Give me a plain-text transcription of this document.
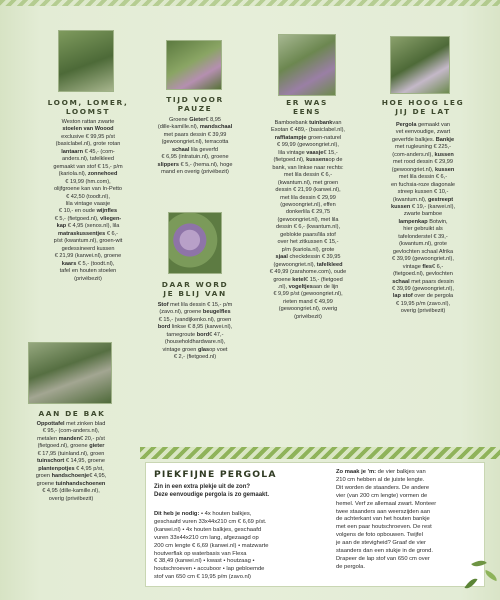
LOOM, LOMER,
LOOMST
Weston rattan zwarte
stoelen van Woood
exclusive € 99,95 p/st
(basiclabel.nl), grote rotan
lantaarn € 45,- (com-
anders.nl), tafelkleed
gemaakt van stof € 15,- p/m
(kariola.nl), zonnehoed
€ 19,99 (hm.com),
olijfgroene kan van In-Petto
€ 42,50 (toodt.nl),
lila vintage vaasje
€ 10,- en oude wijnfles
€ 5,- (fietgoed.nl), vliegen-
kap € 4,95 (xenos.nl), lila
matraskussentjes € 6,-
p/st (kwantum.nl), groen-wit
gedessineerd kussen
€ 21,99 (karwei.nl), groene
kaars € 5,- (toodt.nl),
tafel en houten stoelen
(privébezit)
TIJD VOOR
PAUZE
Groene Gieter€ 8,95
(dille-kamille.nl), mandschaal
met paars dessin € 39,99
(gewoongriet.nl), terracotta
schaal lila geverfd
€ 6,95 (intratuin.nl), groene
slippers € 5,- (hema.nl), hoge
mand en overig (privébezit)
DAAR WORD
JE BLIJ VAN
Stof met lila dessin € 15,- p/m
(zavo.nl), groene beugelfles
€ 15,- (vandijkenko.nl), groen
bord linkse € 8,95 (karwei.nl),
tarnegroute bord€ 47,-
(householdhardware.nl),
vintage groen glasop voet
€ 2,- (fietgoed.nl)
ER WAS
EENS
Bamboebank tuinbankvan
Exotan € 489,- (basiclabel.nl),
raffiatampje groen-naturel
€ 99,99 (gewoongriet.nl),
lila vintage vaasje€ 15,-
(fietgoed.nl), kussensop de
bank, van linkse naar rechts:
met lila dessin € 6,-
(kwantum.nl), met groen
dessin € 21,99 (karwei.nl),
met lila dessin € 29,99
(gewoongriet.nl), effen
donkerlila € 29,75
(gewoongriet.nl), met lila
dessin € 6,- (kwantum.nl),
geblokte paars/lila stof
over het zitkussen € 15,-
p/m (kariola.nl), grote
sjaal checkdessin € 39,95
(gewoongriet.nl), tafelkleed
€ 49,99 (zarahome.com), oude
groene ketel€ 15,- (fietgoed
.nl), vogeltjesaan de lijn
€ 9,99 p/st (gewoongriet.nl),
rieten mand € 49,99
(gewoongriet.nl), overig
(privébezit)
HOE HOOG LEG
JIJ DE LAT
Pergola gemaakt van
vet eenvoudige, zwart
geverfde balkjes. Bankje
met rugleuning € 225,-
(com-anders.nl), kussen
met rood dessin € 29,99
(gewoongriet.nl), kussen
met lila dessin € 6,-
en fuchsia-roze diagonale
streep kussen € 10,-
(kwantum.nl), gestreept
kussen € 19,- (karwei.nl),
zwarte bamboe
lampenkap Botwin,
hier gebruikt als
tafelonderstel € 39,-
(kwantum.nl), grote
gevlochten schaal Afrika
€ 39,99 (gewoongriet.nl),
vintage fles€ 6,-
(fietgoed.nl), gevlochten
schaal met paars dessin
€ 39,99 (gewoongriet.nl),
lap stof over de pergola
€ 19,95 p/m (zavo.nl),
overig (privébezit)
AAN DE BAK
Oppottafel met zinken blad
€ 95,- (com-anders.nl),
metalen manden€ 20,- p/st
(fietgoed.nl), groene gieter
€ 17,95 (tuinland.nl), groen
tuinschort € 14,95, groene
plantenpotjes € 4,95 p/st,
groen handschoenje€ 4,95,
groene tuinhandschoenen
€ 4,95 (dille-kamille.nl),
overig (privébezit)
PIEKFIJNE PERGOLA
Zin in een extra plekje uit de zon?
Deze eenvoudige pergola is zo gemaakt.
Dit heb je nodig: • 4x houten balkjes,
geschaafd vuren 33x44x210 cm € 6,69 p/st.
(karwei.nl) • 4x houten balkjes, geschaafd
vuren 33x44x210 cm lang, afgezaagd op
200 cm lengte € 6,69 (karwei.nl) • matzwarte
houtverflak op waterbasis van Flexa
€ 38,49 (karwei.nl) • kwast • houtzaag •
houtschroeven • accuboor • lap gebloemde
stof van 650 cm € 19,95 p/m (zavo.nl)
Zo maak je 'm: de vier balkjes van
210 cm hebben al de juiste lengte.
Dit worden de staanders. De andere
vier (van 200 cm lengte) vormen de
hemel. Verf ze allemaal zwart. Monteer
twee staanders aan weerszijden aan
de achterkant van het houten bankje
met een paar houtschroeven. De rest
volgens de foto opbouwen. Twijfel
je aan de stevigheid? Graaf de vier
staanders dan een stukje in de grond.
Drapeer de lap stof van 650 cm over
de pergola.
